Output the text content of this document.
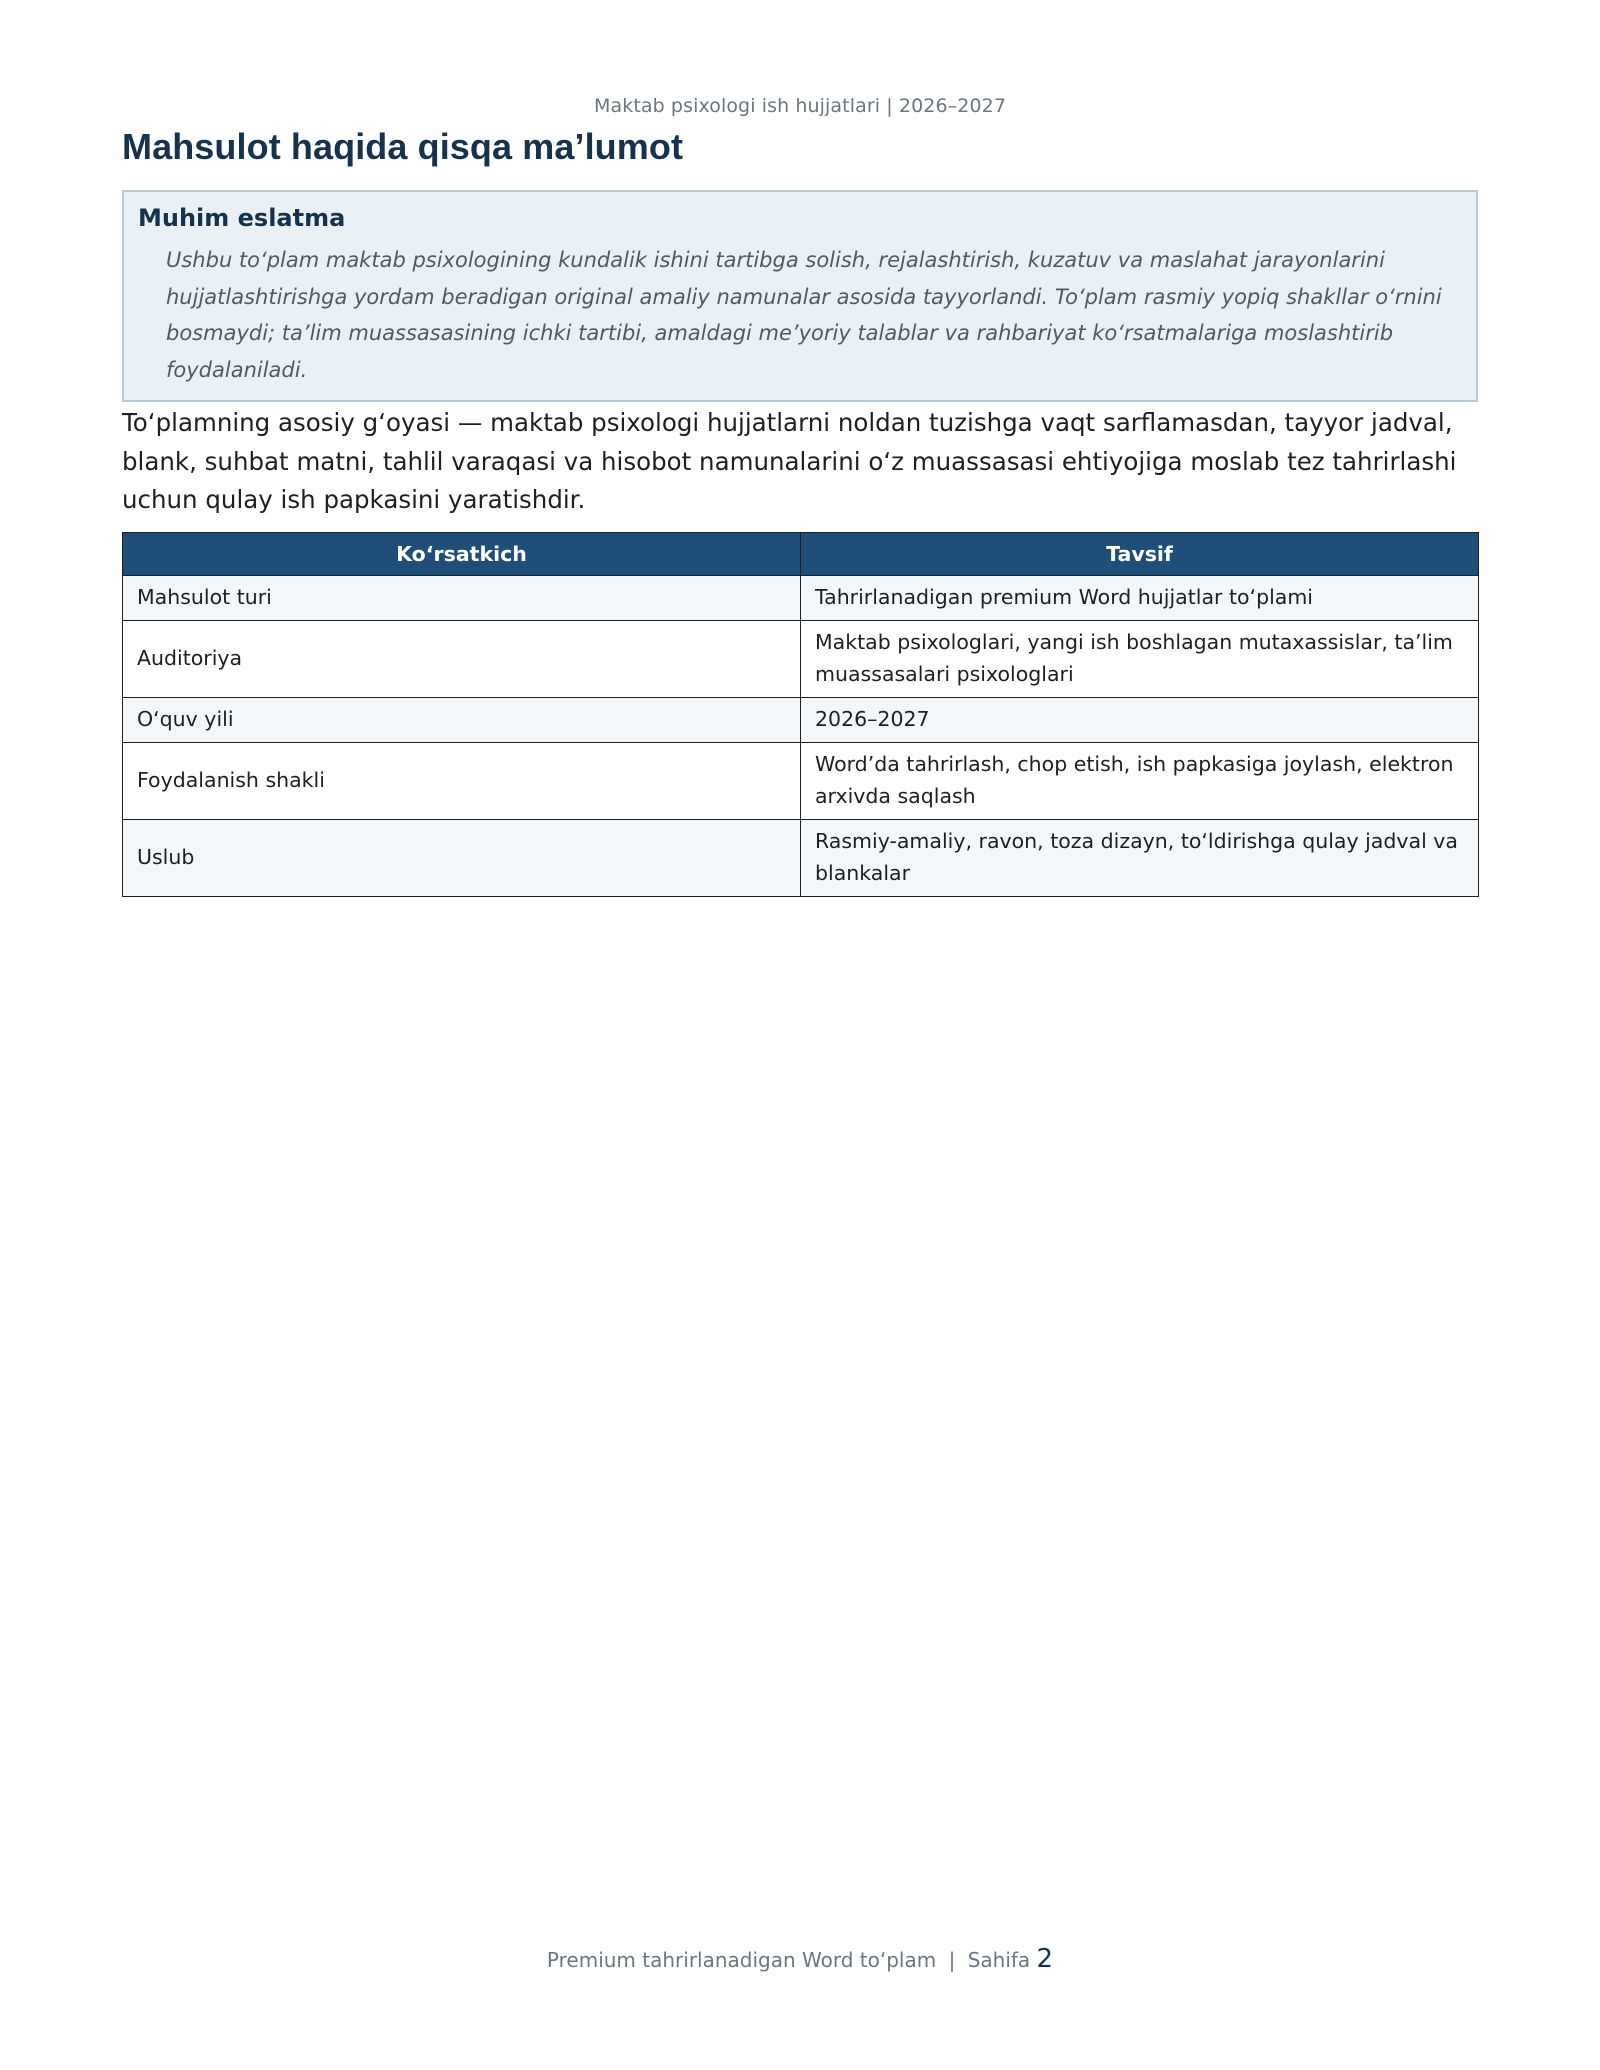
Maktab psixologi ish hujjatlari | 2026–2027
Mahsulot haqida qisqa ma’lumot
Muhim eslatma
Ushbu to‘plam maktab psixologining kundalik ishini tartibga solish, rejalashtirish, kuzatuv va maslahat jarayonlarini hujjatlashtirishga yordam beradigan original amaliy namunalar asosida tayyorlandi. To‘plam rasmiy yopiq shakllar o‘rnini bosmaydi; ta’lim muassasasining ichki tartibi, amaldagi me’yoriy talablar va rahbariyat ko‘rsatmalariga moslashtirib foydalaniladi.

To‘plamning asosiy g‘oyasi — maktab psixologi hujjatlarni noldan tuzishga vaqt sarflamasdan, tayyor jadval, blank, suhbat matni, tahlil varaqasi va hisobot namunalarini o‘z muassasasi ehtiyojiga moslab tez tahrirlashi uchun qulay ish papkasini yaratishdir.

Ko‘rsatkich	Tavsif
Mahsulot turi	Tahrirlanadigan premium Word hujjatlar to‘plami
Auditoriya	Maktab psixologlari, yangi ish boshlagan mutaxassislar, ta’lim muassasalari psixologlari
O‘quv yili	2026–2027
Foydalanish shakli	Word’da tahrirlash, chop etish, ish papkasiga joylash, elektron arxivda saqlash
Uslub	Rasmiy-amaliy, ravon, toza dizayn, to‘ldirishga qulay jadval va blankalar
Premium tahrirlanadigan Word to‘plam | Sahifa 2
